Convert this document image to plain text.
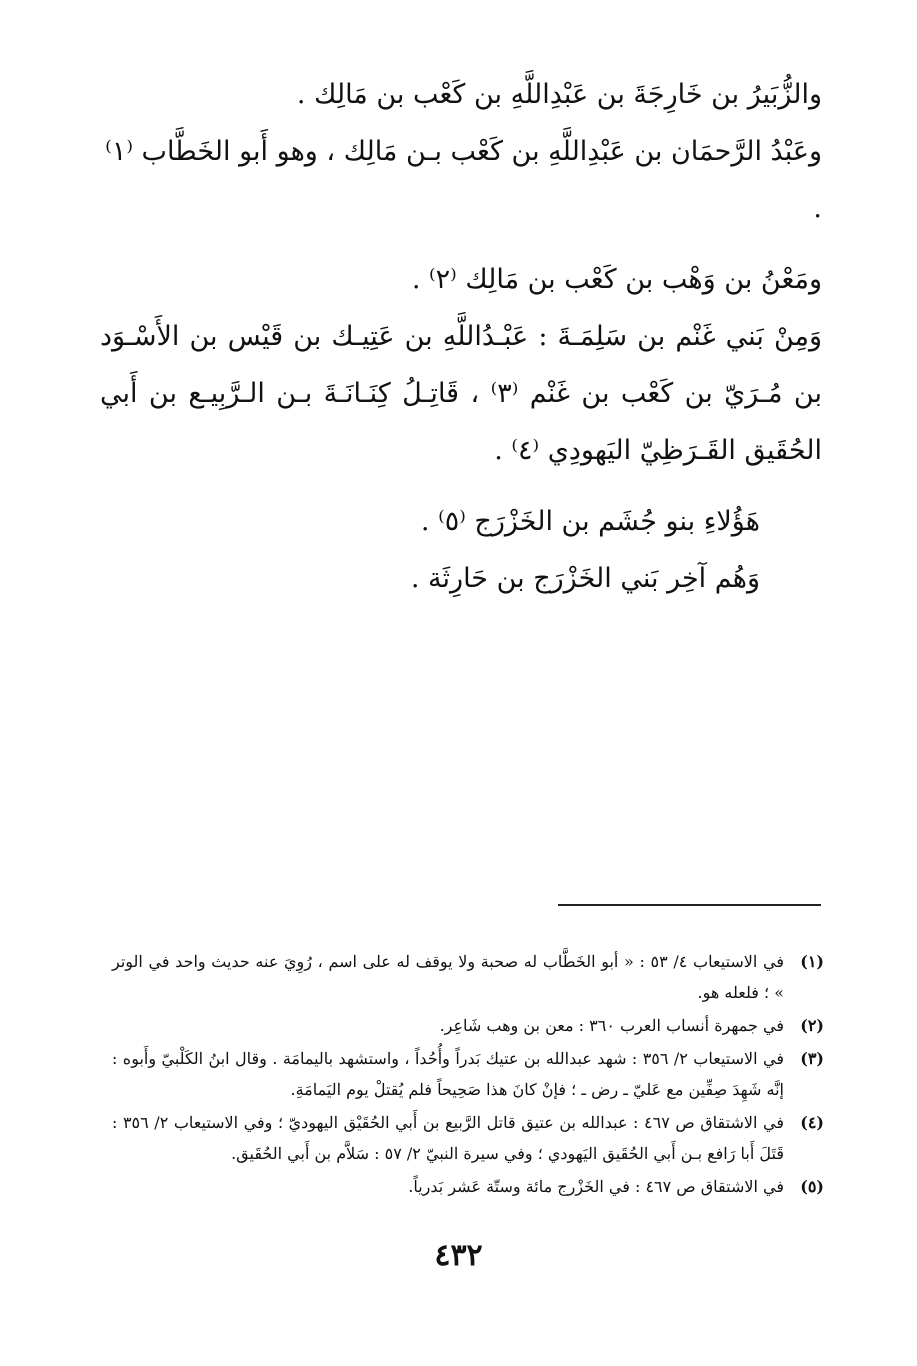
والزُّبَيرُ بن خَارِجَةَ بن عَبْدِاللَّهِ بن كَعْب بن مَالِك .

وعَبْدُ الرَّحمَان بن عَبْدِاللَّهِ بن كَعْب بـن مَالِك ، وهو أَبو الخَطَّاب ⁽١⁾ .

ومَعْنُ بن وَهْب بن كَعْب بن مَالِك ⁽٢⁾ .

وَمِنْ بَني غَنْم بن سَلِمَـةَ : عَبْـدُاللَّهِ بن عَتِيـك بن قَيْس بن الأَسْـوَد بن مُـرَيّ بن كَعْب بن غَنْم ⁽٣⁾ ، قَاتِـلُ كِنَـانَـةَ بـن الـرَّبِيـع بن أَبي الحُقَيق القَـرَظِيّ اليَهودِي ⁽٤⁾ .

هَؤُلاءِ بنو جُشَم بن الخَزْرَج ⁽٥⁾ .

وَهُم آخِر بَني الخَزْرَج بن حَارِثَة .

(١)
في الاستيعاب ٤/ ٥٣ : « أبو الخَطَّاب له صحبة ولا يوقف له على اسم ، رُوِيَ عنه حديث واحد في الوتر » ؛ فلعله هو.

(٢)
في جمهرة أنساب العرب ٣٦٠ : معن بن وهب شَاعِر.

(٣)
في الاستيعاب ٢/ ٣٥٦ : شهد عبدالله بن عتيك بَدراً وأُحُداً ، واستشهد باليمامَة . وقال ابنُ الكَلْبيّ وأَبوه : إنَّه شَهِدَ صِفِّين مع عَليّ ـ رض ـ ؛ فإنْ كانَ هذا صَحِيحاً فلم يُقتلْ يوم اليَمامَةِ.

(٤)
في الاشتقاق ص ٤٦٧ : عبدالله بن عتيق قاتل الرَّبيع بن أَبي الحُقَيْق اليهوديّ ؛ وفي الاستيعاب ٢/ ٣٥٦ : قَتَلَ أَبا رَافع بـن أَبي الحُقَيق اليَهودي ؛ وفي سيرة النبيّ ٢/ ٥٧ : سَلاَّم بن أَبي الحُقَيق.

(٥)
في الاشتقاق ص ٤٦٧ : في الخَزْرج مائة وستّة عَشر بَدرياً.

٤٣٢
